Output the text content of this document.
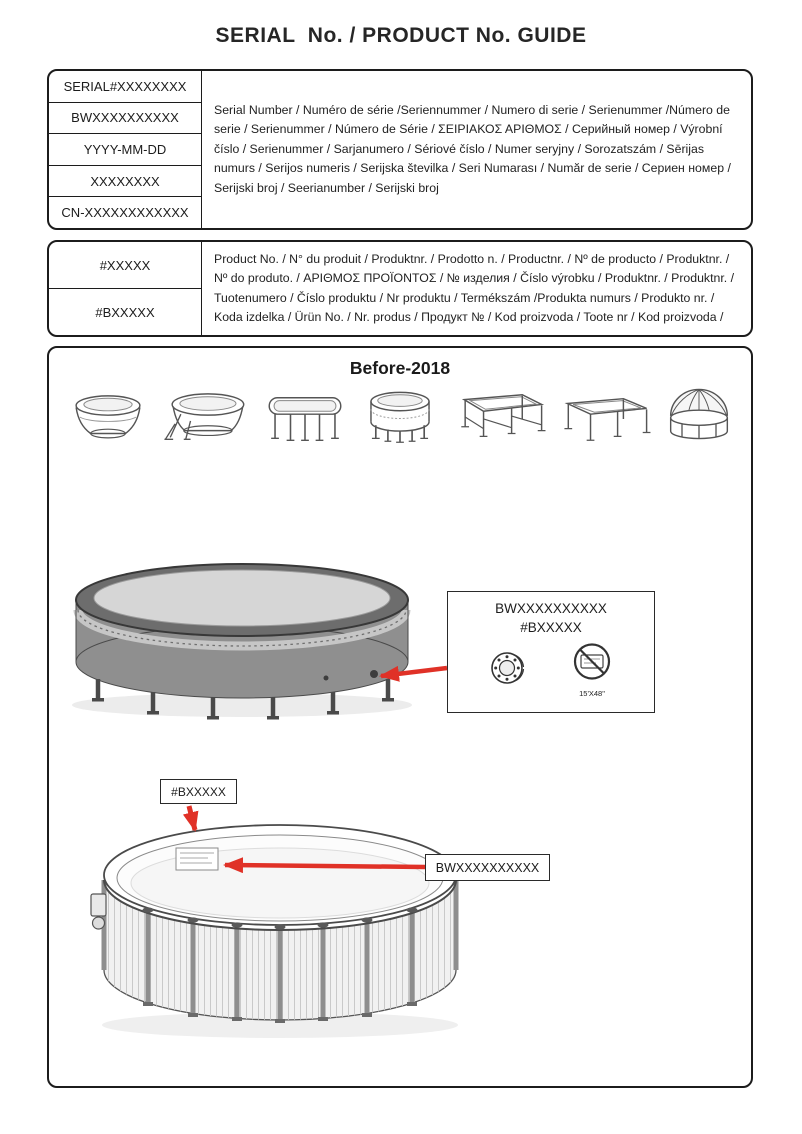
SERIAL  No. / PRODUCT No. GUIDE
SERIAL#XXXXXXXX
BWXXXXXXXXXX
YYYY-MM-DD
XXXXXXXX
CN-XXXXXXXXXXXX
Serial Number / Numéro de série /Seriennummer / Numero di serie / Serienummer /Número de serie / Serienummer / Número de Série / ΣΕΙΡΙΑΚΟΣ ΑΡΙΘΜΟΣ / Серийный номер / Výrobní číslo / Serienummer / Sarjanumero / Sériové číslo / Numer seryjny / Sorozatszám / Sērijas numurs / Serijos numeris / Serijska številka / Seri Numarası / Număr de serie / Сериен номер / Serijski broj / Seerianumber / Serijski broj
#XXXXX
#BXXXXX
Product No. / N° du produit / Produktnr. / Prodotto n. / Productnr. / Nº de producto / Produktnr. / Nº do produto. / ΑΡΙΘΜΟΣ ΠΡΟΪΟΝΤΟΣ / № изделия / Číslo výrobku / Produktnr. / Produktnr. / Tuotenumero / Číslo produktu / Nr produktu / Termékszám /Produkta numurs / Produkto nr. / Koda izdelka / Ürün No. / Nr. produs / Продукт № / Kod proizvoda / Toote nr / Kod proizvoda /
Before-2018
BWXXXXXXXXXX
#BXXXXX
15'X48"
#BXXXXX
BWXXXXXXXXXX
